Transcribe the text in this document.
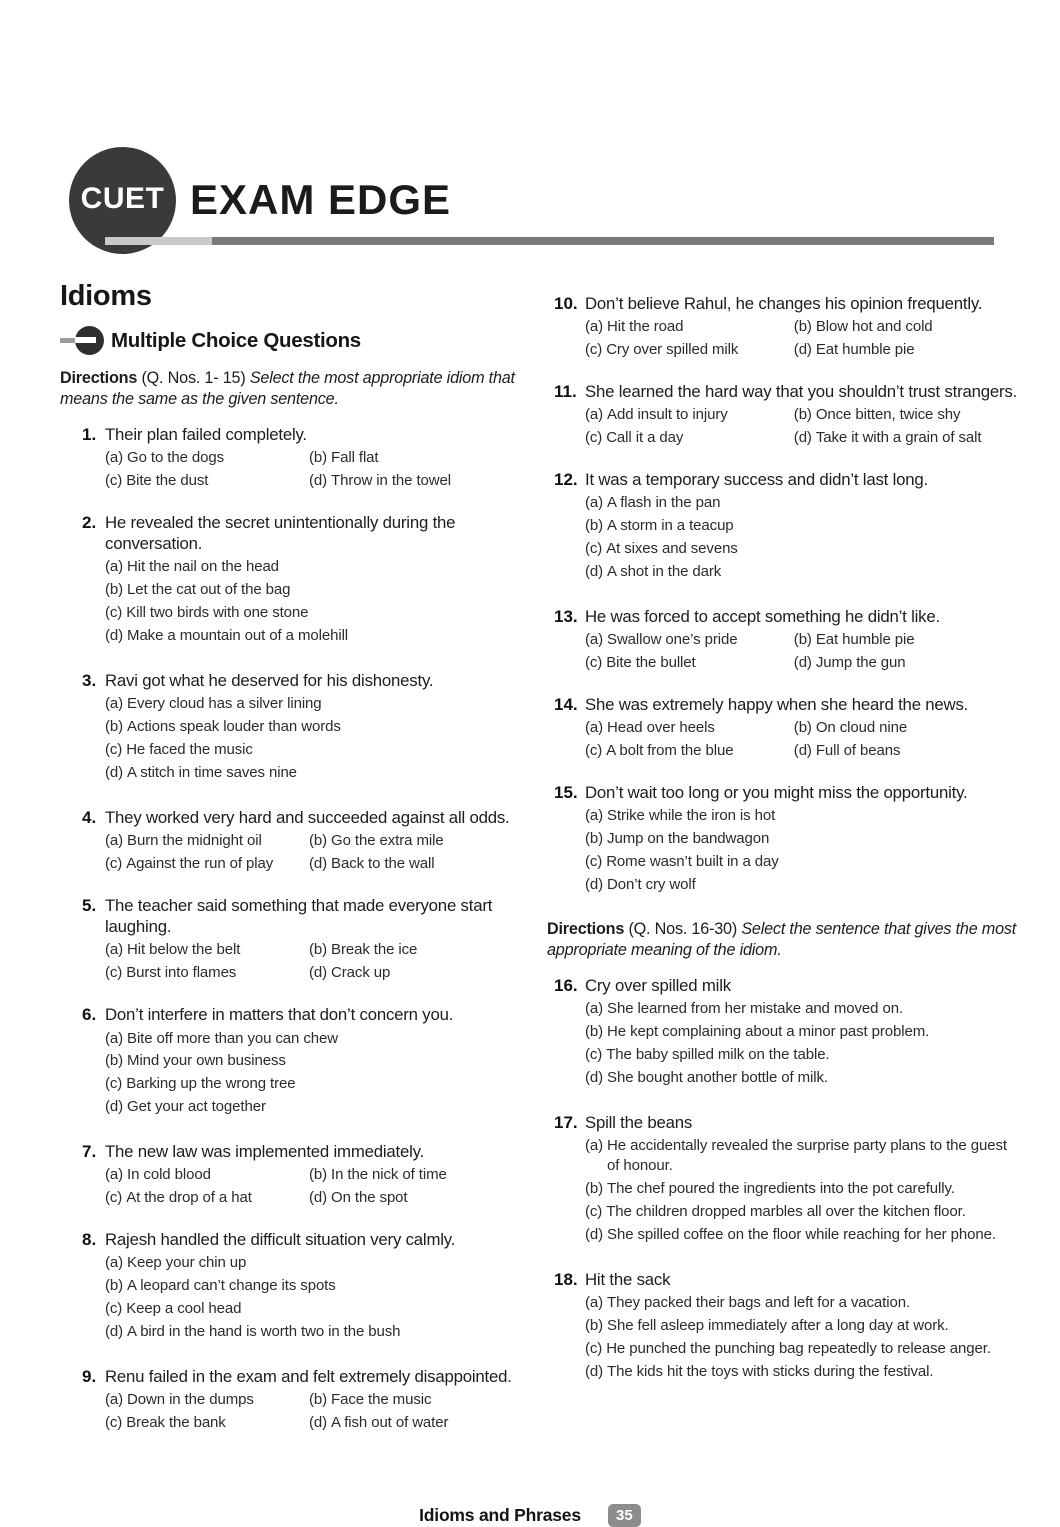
CUET EXAM EDGE
Idioms
Multiple Choice Questions

Directions (Q. Nos. 1- 15) Select the most appropriate idiom that means the same as the given sentence.

1. Their plan failed completely.

(a) Go to the dogs	(b) Fall flat
(c) Bite the dust	(d) Throw in the towel
2. He revealed the secret unintentionally during the conversation.

(a) Hit the nail on the head
(b) Let the cat out of the bag
(c) Kill two birds with one stone
(d) Make a mountain out of a molehill
3. Ravi got what he deserved for his dishonesty.

(a) Every cloud has a silver lining
(b) Actions speak louder than words
(c) He faced the music
(d) A stitch in time saves nine
4. They worked very hard and succeeded against all odds.

(a) Burn the midnight oil	(b) Go the extra mile
(c) Against the run of play	(d) Back to the wall
5. The teacher said something that made everyone start laughing.

(a) Hit below the belt	(b) Break the ice
(c) Burst into flames	(d) Crack up
6. Don’t interfere in matters that don’t concern you.

(a) Bite off more than you can chew
(b) Mind your own business
(c) Barking up the wrong tree
(d) Get your act together
7. The new law was implemented immediately.

(a) In cold blood	(b) In the nick of time
(c) At the drop of a hat	(d) On the spot
8. Rajesh handled the difficult situation very calmly.

(a) Keep your chin up
(b) A leopard can’t change its spots
(c) Keep a cool head
(d) A bird in the hand is worth two in the bush
9. Renu failed in the exam and felt extremely disappointed.

(a) Down in the dumps	(b) Face the music
(c) Break the bank	(d) A fish out of water
10. Don’t believe Rahul, he changes his opinion frequently.

(a) Hit the road	(b) Blow hot and cold
(c) Cry over spilled milk	(d) Eat humble pie
11. She learned the hard way that you shouldn’t trust strangers.

(a) Add insult to injury	(b) Once bitten, twice shy
(c) Call it a day	(d) Take it with a grain of salt
12. It was a temporary success and didn’t last long.

(a) A flash in the pan
(b) A storm in a teacup
(c) At sixes and sevens
(d) A shot in the dark
13. He was forced to accept something he didn’t like.

(a) Swallow one’s pride	(b) Eat humble pie
(c) Bite the bullet	(d) Jump the gun
14. She was extremely happy when she heard the news.

(a) Head over heels	(b) On cloud nine
(c) A bolt from the blue	(d) Full of beans
15. Don’t wait too long or you might miss the opportunity.

(a) Strike while the iron is hot
(b) Jump on the bandwagon
(c) Rome wasn’t built in a day
(d) Don’t cry wolf

Directions (Q. Nos. 16-30) Select the sentence that gives the most appropriate meaning of the idiom.

16. Cry over spilled milk

(a) She learned from her mistake and moved on.
(b) He kept complaining about a minor past problem.
(c) The baby spilled milk on the table.
(d) She bought another bottle of milk.
17. Spill the beans

(a) He accidentally revealed the surprise party plans to the guest of honour.
(b) The chef poured the ingredients into the pot carefully.
(c) The children dropped marbles all over the kitchen floor.
(d) She spilled coffee on the floor while reaching for her phone.
18. Hit the sack

(a) They packed their bags and left for a vacation.
(b) She fell asleep immediately after a long day at work.
(c) He punched the punching bag repeatedly to release anger.
(d) The kids hit the toys with sticks during the festival.
Idioms and Phrases	35
